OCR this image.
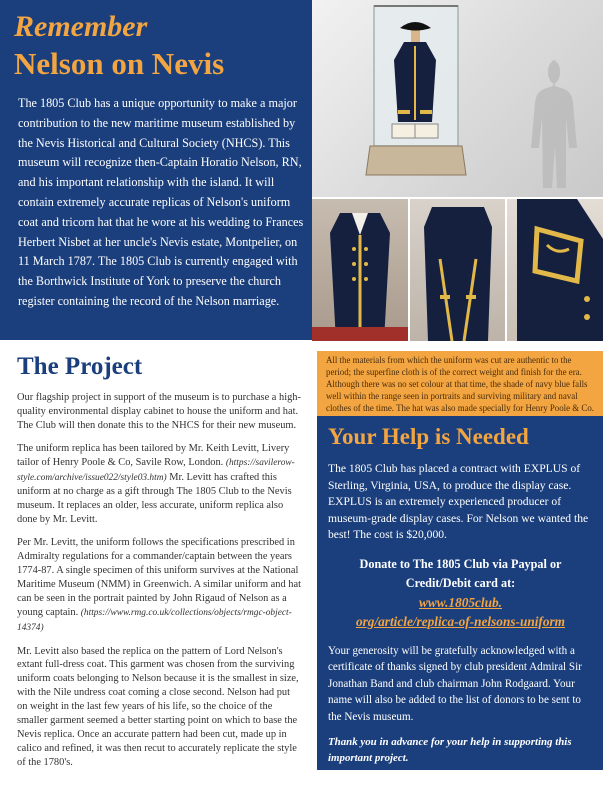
Remember
Nelson on Nevis

The 1805 Club has a unique opportunity to make a major contribution to the new maritime museum established by the Nevis Historical and Cultural Society (NHCS). This museum will recognize then-Captain Horatio Nelson, RN, and his important relationship with the island. It will contain extremely accurate replicas of Nelson's uniform coat and tricorn hat that he wore at his wedding to Frances Herbert Nisbet at her uncle's Nevis estate, Montpelier, on 11 March 1787. The 1805 Club is currently engaged with the Borthwick Institute of York to preserve the church register containing the record of the Nelson marriage.

The Project

Our flagship project in support of the museum is to purchase a high-quality environmental display cabinet to house the uniform and hat. The Club will then donate this to the NHCS for their new museum.

The uniform replica has been tailored by Mr. Keith Levitt, Livery tailor of Henry Poole & Co, Savile Row, London. (https://savilerow-style.com/archive/issue022/style03.htm) Mr. Levitt has crafted this uniform at no charge as a gift through The 1805 Club to the Nevis museum. It replaces an older, less accurate, uniform replica also done by Mr. Levitt.

Per Mr. Levitt, the uniform follows the specifications prescribed in Admiralty regulations for a commander/captain between the years 1774-87. A single specimen of this uniform survives at the National Maritime Museum (NMM) in Greenwich. A similar uniform and hat can be seen in the portrait painted by John Rigaud of Nelson as a young captain. (https://www.rmg.co.uk/collections/objects/rmgc-object-14374)

Mr. Levitt also based the replica on the pattern of Lord Nelson's extant full-dress coat. This garment was chosen from the surviving uniform coats belonging to Nelson because it is the smallest in size, with the Nile undress coat coming a close second. Nelson had put on weight in the last few years of his life, so the choice of the smaller garment seemed a better starting point on which to base the Nevis replica. Once an accurate pattern had been cut, made up in calico and refined, it was then recut to accurately replicate the style of the 1780's.

All the materials from which the uniform was cut are authentic to the period; the superfine cloth is of the correct weight and finish for the era. Although there was no set colour at that time, the shade of navy blue falls well within the range seen in portraits and surviving military and naval clothes of the time. The hat was also made specially for Henry Poole & Co.

Your Help is Needed

The 1805 Club has placed a contract with EXPLUS of Sterling, Virginia, USA, to produce the display case. EXPLUS is an extremely experienced producer of museum-grade display cases. For Nelson we wanted the best! The cost is $20,000.

Donate to The 1805 Club via Paypal or Credit/Debit card at:

www.1805club.

org/article/replica-of-nelsons-uniform

Your generosity will be gratefully acknowledged with a certificate of thanks signed by club president Admiral Sir Jonathan Band and club chairman John Rodgaard. Your name will also be added to the list of donors to be sent to the Nevis museum.

Thank you in advance for your help in supporting this important project.
